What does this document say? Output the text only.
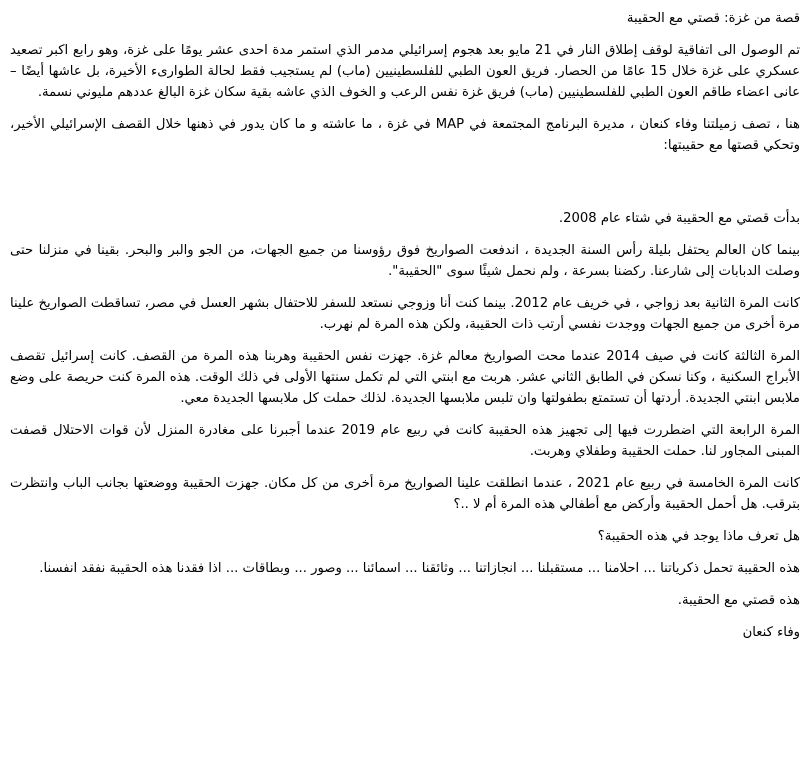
قصة من غزة: قصتي مع الحقيبة

تم الوصول الى اتفاقية لوقف إطلاق النار في 21 مايو بعد هجوم إسرائيلي مدمر الذي استمر مدة احدى عشر يومًا على غزة، وهو رابع اكبر تصعيد عسكري على غزة خلال 15 عامًا من الحصار. فريق العون الطبي للفلسطينيين (ماب) لم يستجيب فقط لحالة الطوارىء الأخيرة، بل عاشها أيضًا – عانى اعضاء طاقم العون الطبي للفلسطينيين (ماب) فريق غزة نفس الرعب و الخوف الذي عاشه بقية سكان غزة البالغ عددهم مليوني نسمة.

هنا ، تصف زميلتنا وفاء كنعان ، مديرة البرنامج المجتمعة في MAP في غزة ، ما عاشته و ما كان يدور في ذهنها خلال القصف الإسرائيلي الأخير، وتحكي قصتها مع حقيبتها:

بدأت قصتي مع الحقيبة في شتاء عام 2008.

بينما كان العالم يحتفل بليلة رأس السنة الجديدة ، اندفعت الصواريخ فوق رؤوسنا من جميع الجهات، من الجو والبر والبحر. بقينا في منزلنا حتى وصلت الدبابات إلى شارعنا. ركضنا بسرعة ، ولم نحمل شيئًا سوى "الحقيبة".

كانت المرة الثانية بعد زواجي ، في خريف عام 2012. بينما كنت أنا وزوجي نستعد للسفر للاحتفال بشهر العسل في مصر، تساقطت الصواريخ علينا مرة أخرى من جميع الجهات ووجدت نفسي أرتب ذات الحقيبة، ولكن هذه المرة لم نهرب.

المرة الثالثة كانت في صيف 2014 عندما محت الصواريخ معالم غزة. جهزت نفس الحقيبة وهربنا هذه المرة من القصف. كانت إسرائيل تقصف الأبراج السكنية ، وكنا نسكن في الطابق الثاني عشر. هربت مع ابنتي التي لم تكمل سنتها الأولى في ذلك الوقت. هذه المرة كنت حريصة على وضع ملابس ابنتي الجديدة. أردتها أن تستمتع بطفولتها وان تلبس ملابسها الجديدة. لذلك حملت كل ملابسها الجديدة معي.

المرة الرابعة التي اضطررت فيها إلى تجهيز هذه الحقيبة كانت في ربيع عام 2019 عندما أجبرنا على مغادرة المنزل لأن قوات الاحتلال قصفت المبنى المجاور لنا. حملت الحقيبة وطفلاي وهربت.

كانت المرة الخامسة في ربيع عام 2021 ، عندما انطلقت علينا الصواريخ مرة أخرى من كل مكان. جهزت الحقيبة ووضعتها بجانب الباب وانتظرت بترقب. هل أحمل الحقيبة وأركض مع أطفالي هذه المرة أم لا ..؟

هل تعرف ماذا يوجد في هذه الحقيبة؟

هذه الحقيبة تحمل ذكرياتنا ... احلامنا ... مستقبلنا ... انجازاتنا ... وثائقنا ... اسمائنا ... وصور ... وبطاقات ... اذا فقدنا هذه الحقيبة نفقد انفسنا.

هذه قصتي مع الحقيبة.

وفاء كنعان
